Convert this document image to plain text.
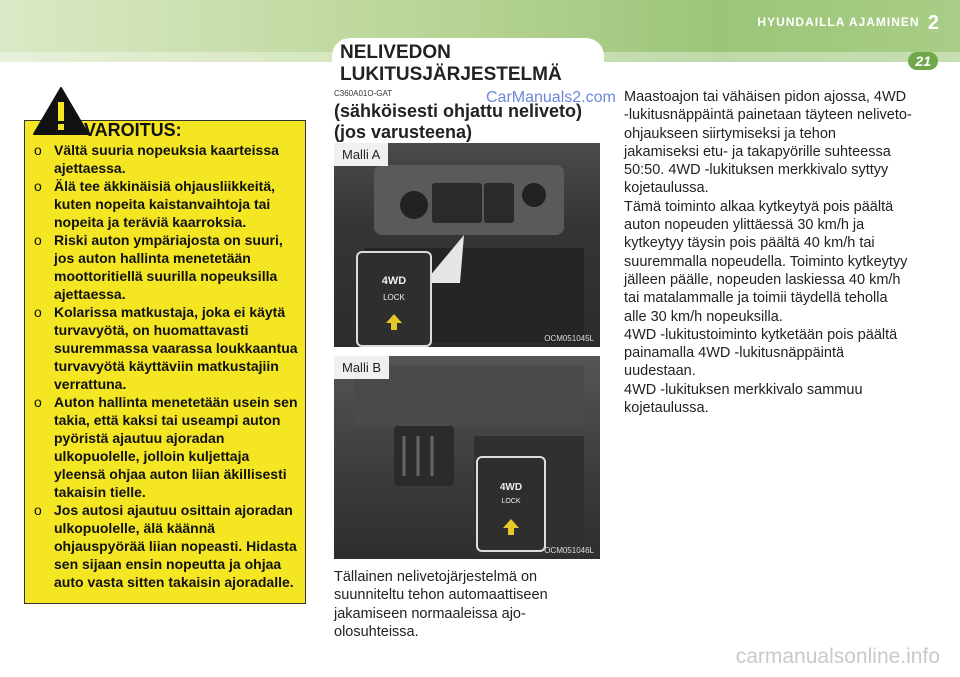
HYUNDAILLA AJAMINEN 2
21
NELIVEDON
LUKITUSJÄRJESTELMÄ
C360A01O-GAT
(sähköisesti ohjattu neliveto)
(jos varusteena)
CarManuals2.com
VAROITUS:
o Vältä suuria nopeuksia kaarteissa ajettaessa.
o Älä tee äkkinäisiä ohjausliikkeitä, kuten nopeita kaistanvaihtoja tai nopeita ja teräviä kaarroksia.
o Riski auton ympäriajosta on suuri, jos auton hallinta menetetään moottoritiellä suurilla nopeuksilla ajettaessa.
o Kolarissa matkustaja, joka ei käytä turvavyötä, on huomattavasti suuremmassa vaarassa loukkaantua turvavyötä käyttäviin matkustajiin verrattuna.
o Auton hallinta menetetään usein sen takia, että kaksi tai useampi auton pyöristä ajautuu ajoradan ulkopuolelle, jolloin kuljettaja yleensä ohjaa auton liian äkillisesti takaisin tielle.
o Jos autosi ajautuu osittain ajoradan ulkopuolelle, älä käännä ohjauspyörää liian nopeasti. Hidasta sen sijaan ensin nopeutta ja ohjaa auto vasta sitten takaisin ajoradalle.
Malli A
4WD
LOCK
OCM051045L
Malli B
4WD
LOCK
OCM051046L
Tällainen nelivetojärjestelmä on suunniteltu tehon automaattiseen jakamiseen normaaleissa ajo-olosuhteissa.

Maastoajon tai vähäisen pidon ajossa, 4WD -lukitusnäppäintä painetaan täyteen neliveto-ohjaukseen siirtymiseksi ja tehon jakamiseksi etu- ja takapyörille suhteessa 50:50. 4WD -lukituksen merkkivalo syttyy kojetaulussa.

Tämä toiminto alkaa kytkeytyä pois päältä auton nopeuden ylittäessä 30 km/h ja kytkeytyy täysin pois päältä 40 km/h tai suuremmalla nopeudella. Toiminto kytkeytyy jälleen päälle, nopeuden laskiessa 40 km/h tai matalammalle ja toimii täydellä teholla alle 30 km/h nopeuksilla.

4WD -lukitustoiminto kytketään pois päältä painamalla 4WD -lukitusnäppäintä uudestaan.

4WD -lukituksen merkkivalo sammuu kojetaulussa.

carmanualsonline.info
